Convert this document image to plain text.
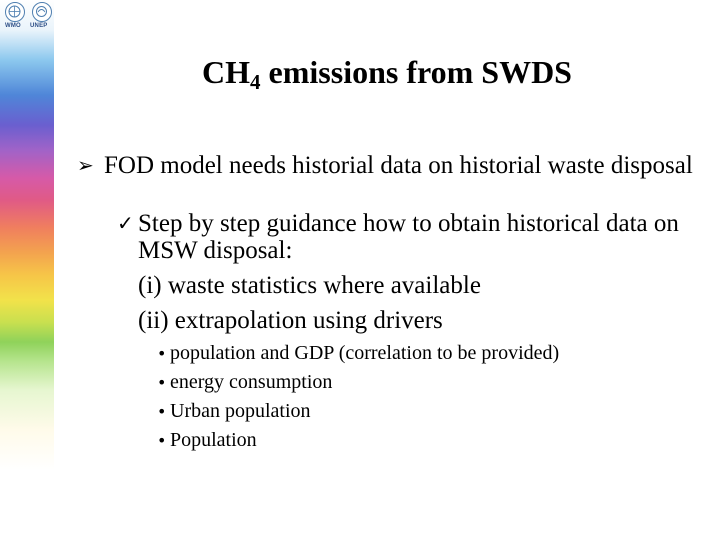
WMO UNEP
$CH_4$ emissions from SWDS
➢ FOD model needs historial data on historial waste disposal
✓ Step by step guidance how to obtain historical data on MSW disposal:
(i) waste statistics where available
(ii) extrapolation using drivers
• population and GDP (correlation to be provided)
• energy consumption
• Urban population
• Population
